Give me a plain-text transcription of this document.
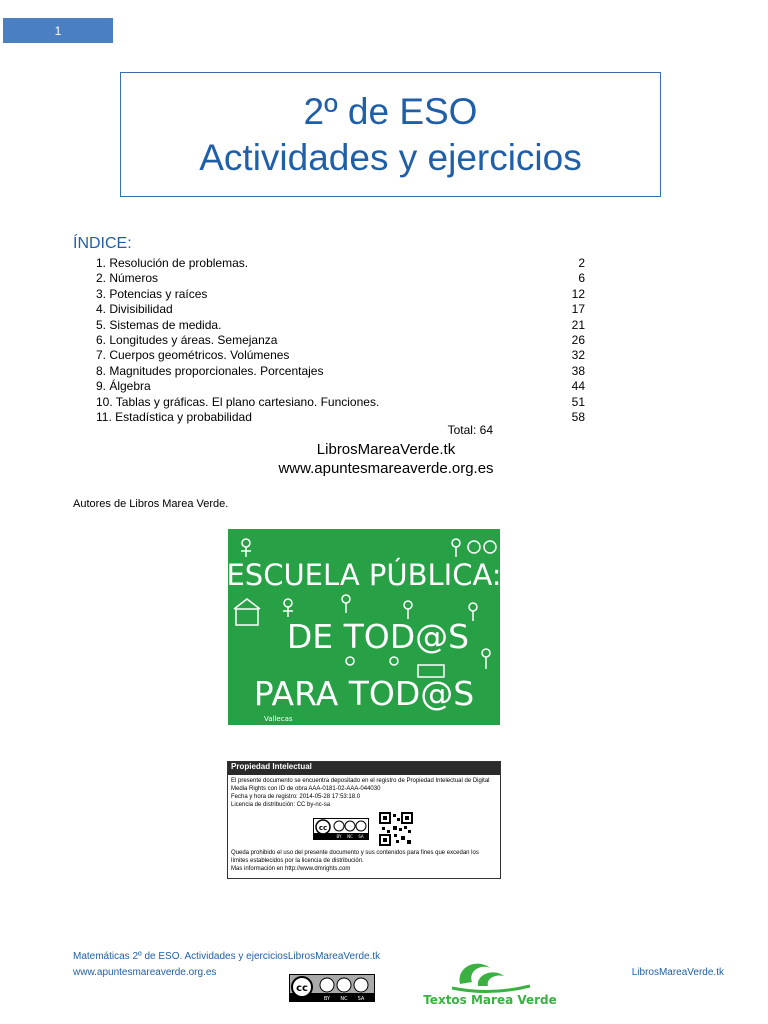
1
2º de ESO
Actividades y ejercicios
ÍNDICE:
1. Resolución de problemas.	2
2. Números	6
3. Potencias y raíces	12
4. Divisibilidad	17
5. Sistemas de medida.	21
6. Longitudes y áreas. Semejanza	26
7. Cuerpos geométricos. Volúmenes	32
8. Magnitudes proporcionales. Porcentajes	38
9. Álgebra	44
10. Tablas y gráficas. El plano cartesiano. Funciones.	51
11. Estadística y probabilidad	58
Total: 64
LibrosMareaVerde.tk
www.apuntesmareaverde.org.es
Autores de Libros Marea Verde.
ESCUELA PÚBLICA:
DE TOD@S
PARA TOD@S
Vallecas
Propiedad Intelectual
El presente documento se encuentra depositado en el registro de Propiedad Intelectual de Digital Media Rights con ID de obra AAA-0181-02-AAA-044030
Fecha y hora de registro: 2014-05-28 17:53:18.0
Licencia de distribución: CC by-nc-sa
cc
BY NC SA
Queda prohibido el uso del presente documento y sus contenidos para fines que excedan los límites establecidos por la licencia de distribución.
Mas información en http://www.dmrights.com
Matemáticas 2º de ESO. Actividades y ejerciciosLibrosMareaVerde.tk
www.apuntesmareaverde.org.es	LibrosMareaVerde.tk
cc
BY NC SA	Textos Marea Verde
